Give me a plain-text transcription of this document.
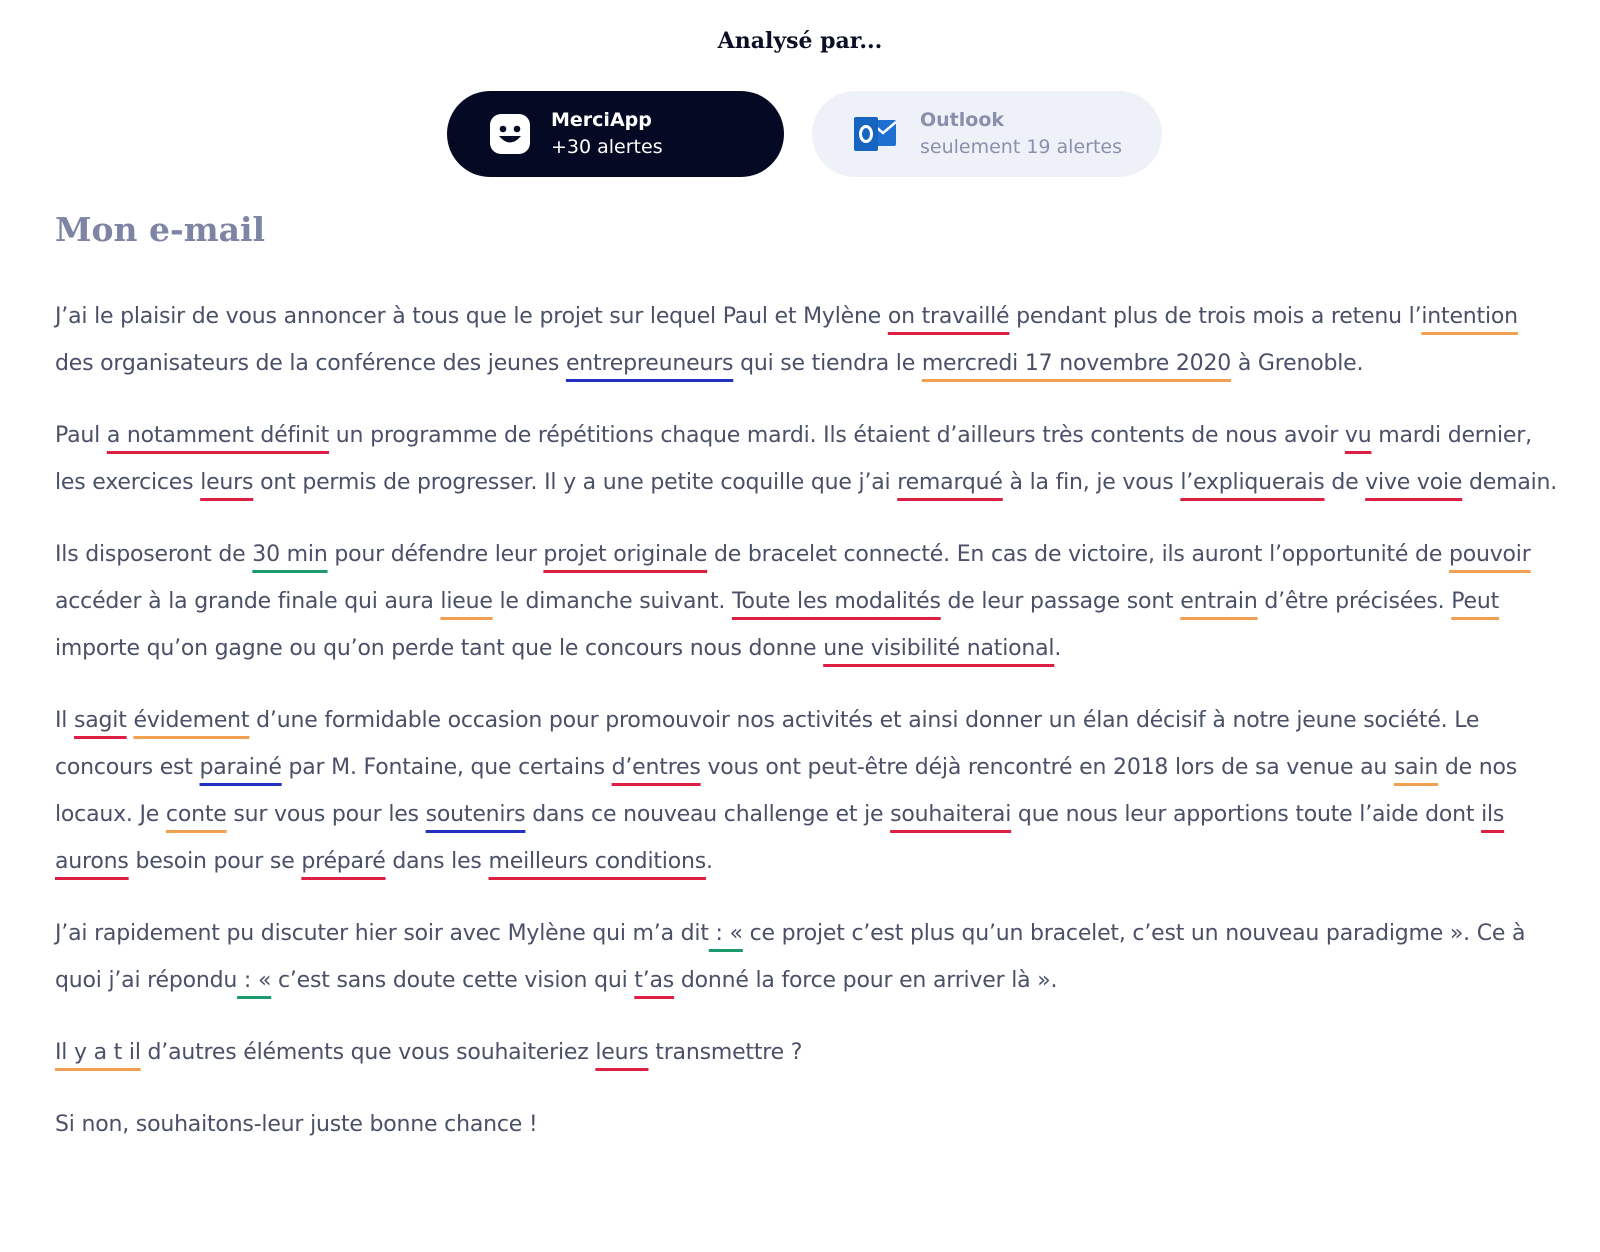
Analysé par...
MerciApp
+30 alertes
Outlook
seulement 19 alertes
Mon e-mail

J’ai le plaisir de vous annoncer à tous que le projet sur lequel Paul et Mylène on travaillé pendant plus de trois mois a retenu l’intention des organisateurs de la conférence des jeunes entrepreuneurs qui se tiendra le mercredi 17 novembre 2020 à Grenoble.

Paul a notamment définit un programme de répétitions chaque mardi. Ils étaient d’ailleurs très contents de nous avoir vu mardi dernier, les exercices leurs ont permis de progresser. Il y a une petite coquille que j’ai remarqué à la fin, je vous l’expliquerais de vive voie demain.

Ils disposeront de 30 min pour défendre leur projet originale de bracelet connecté. En cas de victoire, ils auront l’opportunité de pouvoir accéder à la grande finale qui aura lieue le dimanche suivant. Toute les modalités de leur passage sont entrain d’être précisées. Peut importe qu’on gagne ou qu’on perde tant que le concours nous donne une visibilité national.

Il sagit évidement d’une formidable occasion pour promouvoir nos activités et ainsi donner un élan décisif à notre jeune société. Le concours est parainé par M. Fontaine, que certains d’entres vous ont peut-être déjà rencontré en 2018 lors de sa venue au sain de nos locaux. Je conte sur vous pour les soutenirs dans ce nouveau challenge et je souhaiterai que nous leur apportions toute l’aide dont ils aurons besoin pour se préparé dans les meilleurs conditions.

J’ai rapidement pu discuter hier soir avec Mylène qui m’a dit : « ce projet c’est plus qu’un bracelet, c’est un nouveau paradigme ». Ce à quoi j’ai répondu : « c’est sans doute cette vision qui t’as donné la force pour en arriver là ».

Il y a t il d’autres éléments que vous souhaiteriez leurs transmettre ?

Si non, souhaitons-leur juste bonne chance !
